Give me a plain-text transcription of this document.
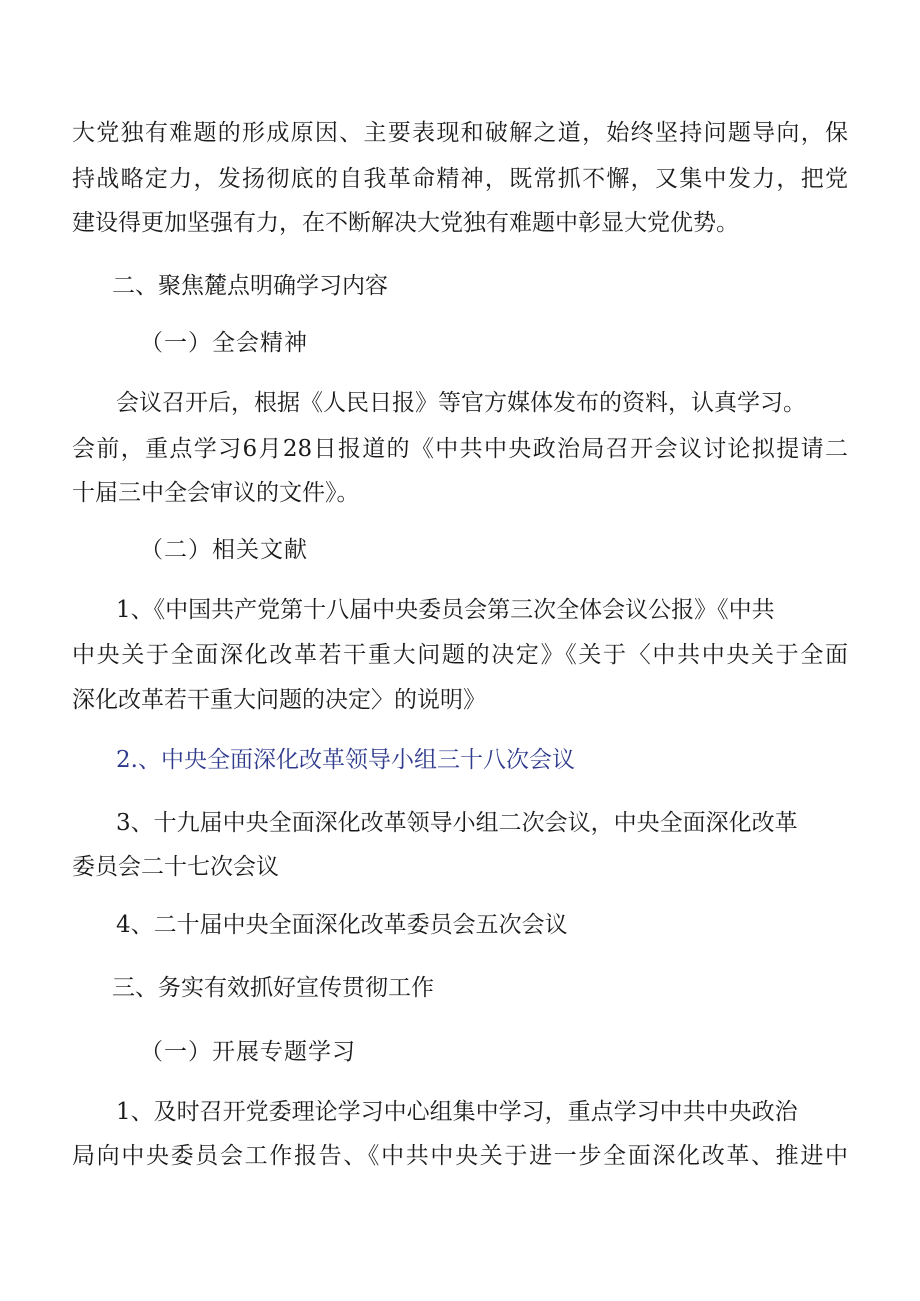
大党独有难题的形成原因、主要表现和破解之道，始终坚持问题导向，保
持战略定力，发扬彻底的自我革命精神，既常抓不懈，又集中发力，把党
建设得更加坚强有力，在不断解决大党独有难题中彰显大党优势。
二、聚焦麓点明确学习内容
（一）全会精神
会议召开后，根据《人民日报》等官方媒体发布的资料，认真学习。
会前，重点学习6月28日报道的《中共中央政治局召开会议讨论拟提请二
十届三中全会审议的文件》。
（二）相关文献
1、《中国共产党第十八届中央委员会第三次全体会议公报》《中共
中央关于全面深化改革若干重大问题的决定》《关于〈中共中央关于全面
深化改革若干重大问题的决定〉的说明》
2.、中央全面深化改革领导小组三十八次会议
3、十九届中央全面深化改革领导小组二次会议，中央全面深化改革
委员会二十七次会议
4、二十届中央全面深化改革委员会五次会议
三、务实有效抓好宣传贯彻工作
（一）开展专题学习
1、及时召开党委理论学习中心组集中学习，重点学习中共中央政治
局向中央委员会工作报告、《中共中央关于进一步全面深化改革、推进中
